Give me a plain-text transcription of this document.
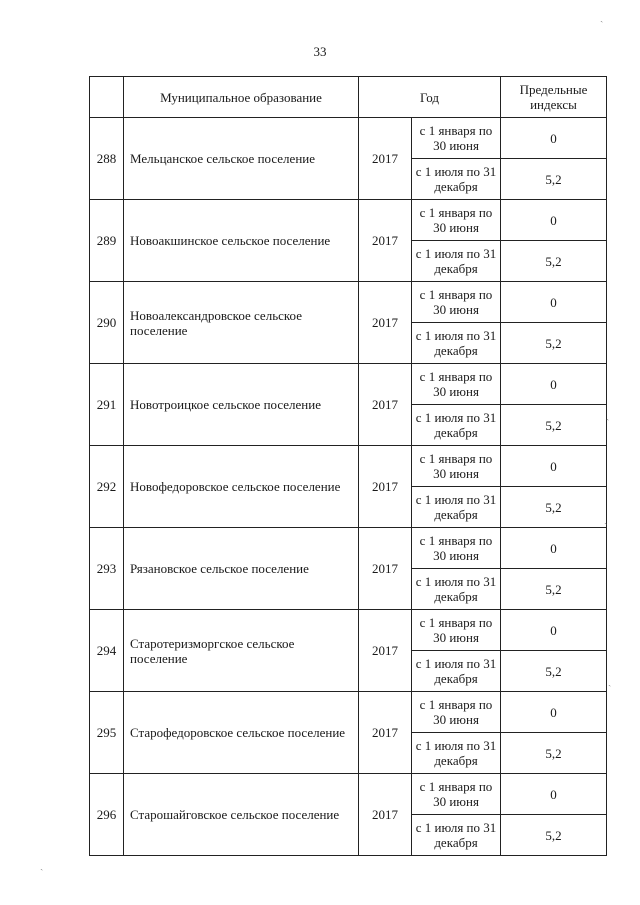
33
	Муниципальное образование	Год		Предельные индексы
288	Мельцанское сельское поселение	2017	с 1 января по 30 июня	0
			с 1 июля по 31 декабря	5,2
289	Новоакшинское сельское поселение	2017	с 1 января по 30 июня	0
			с 1 июля по 31 декабря	5,2
290	Новоалександровское сельское поселение	2017	с 1 января по 30 июня	0
			с 1 июля по 31 декабря	5,2
291	Новотроицкое сельское поселение	2017	с 1 января по 30 июня	0
			с 1 июля по 31 декабря	5,2
292	Новофедоровское сельское поселение	2017	с 1 января по 30 июня	0
			с 1 июля по 31 декабря	5,2
293	Рязановское сельское поселение	2017	с 1 января по 30 июня	0
			с 1 июля по 31 декабря	5,2
294	Старотеризморгское сельское поселение	2017	с 1 января по 30 июня	0
			с 1 июля по 31 декабря	5,2
295	Старофедоровское сельское поселение	2017	с 1 января по 30 июня	0
			с 1 июля по 31 декабря	5,2
296	Старошайговское сельское поселение	2017	с 1 января по 30 июня	0
			с 1 июля по 31 декабря	5,2
ˏ
ˏ
ˏ
ˏ
ˏ
